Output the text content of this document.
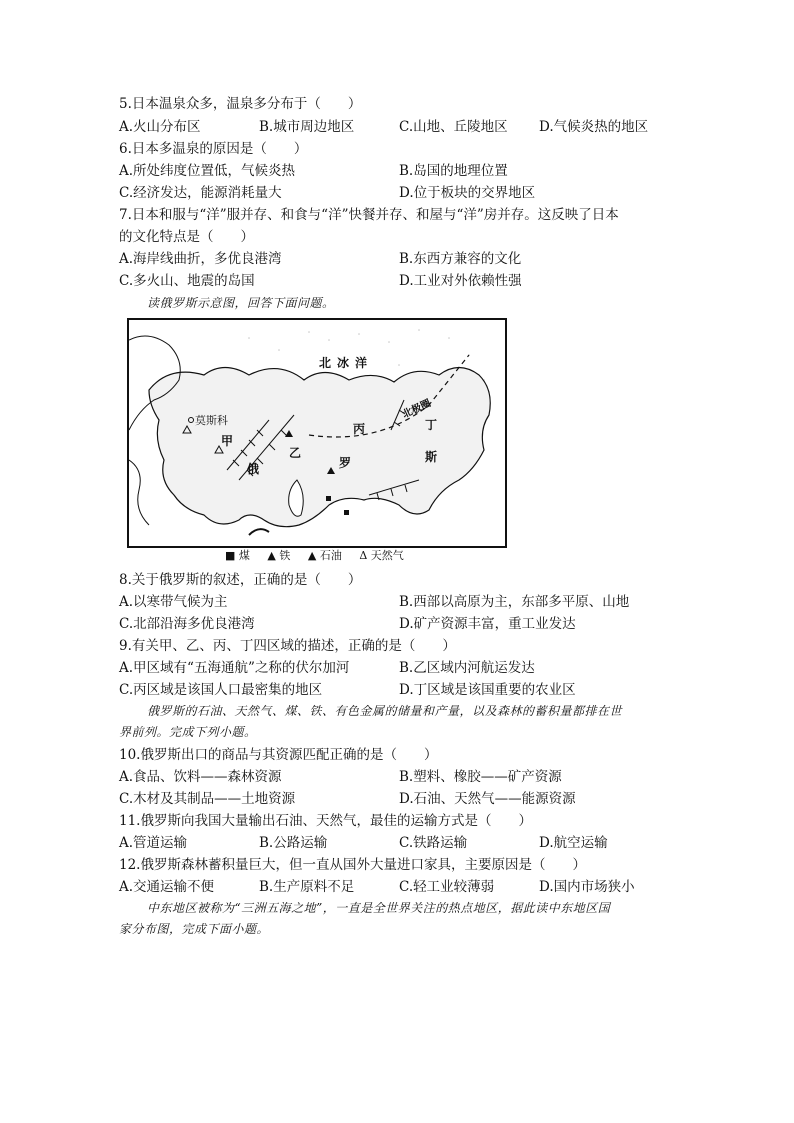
5.日本温泉众多，温泉多分布于（　　）
A.火山分布区	B.城市周边地区	C.山地、丘陵地区 D.气候炎热的地区
6.日本多温泉的原因是（　　）
A.所处纬度位置低，气候炎热	B.岛国的地理位置
C.经济发达，能源消耗量大	D.位于板块的交界地区
7.日本和服与“洋”服并存、和食与“洋”快餐并存、和屋与“洋”房并存。这反映了日本
的文化特点是（　　）
A.海岸线曲折，多优良港湾	B.东西方兼容的文化
C.多火山、地震的岛国	D.工业对外依赖性强
读俄罗斯示意图，回答下面问题。
北冰洋
莫斯科
甲
俄
乙
丙
罗
丁
斯
北极圈
■ 煤 ▲ 铁 ▲ 石油 Δ 天然气
8.关于俄罗斯的叙述，正确的是（　　）
A.以寒带气候为主	B.西部以高原为主，东部多平原、山地
C.北部沿海多优良港湾	D.矿产资源丰富，重工业发达
9.有关甲、乙、丙、丁四区域的描述，正确的是（　　）
A.甲区域有“五海通航”之称的伏尔加河	B.乙区域内河航运发达
C.丙区域是该国人口最密集的地区	D.丁区域是该国重要的农业区
俄罗斯的石油、天然气、煤、铁、有色金属的储量和产量，以及森林的蓄积量都排在世
界前列。完成下列小题。
10.俄罗斯出口的商品与其资源匹配正确的是（　　）
A.食品、饮料——森林资源	B.塑料、橡胶——矿产资源
C.木材及其制品——土地资源	D.石油、天然气——能源资源
11.俄罗斯向我国大量输出石油、天然气，最佳的运输方式是（　　）
A.管道运输	B.公路运输	C.铁路运输	D.航空运输
12.俄罗斯森林蓄积量巨大，但一直从国外大量进口家具，主要原因是（　　）
A.交通运输不便	B.生产原料不足	C.轻工业较薄弱	D.国内市场狭小
中东地区被称为“三洲五海之地”，一直是全世界关注的热点地区，据此读中东地区国
家分布图，完成下面小题。
